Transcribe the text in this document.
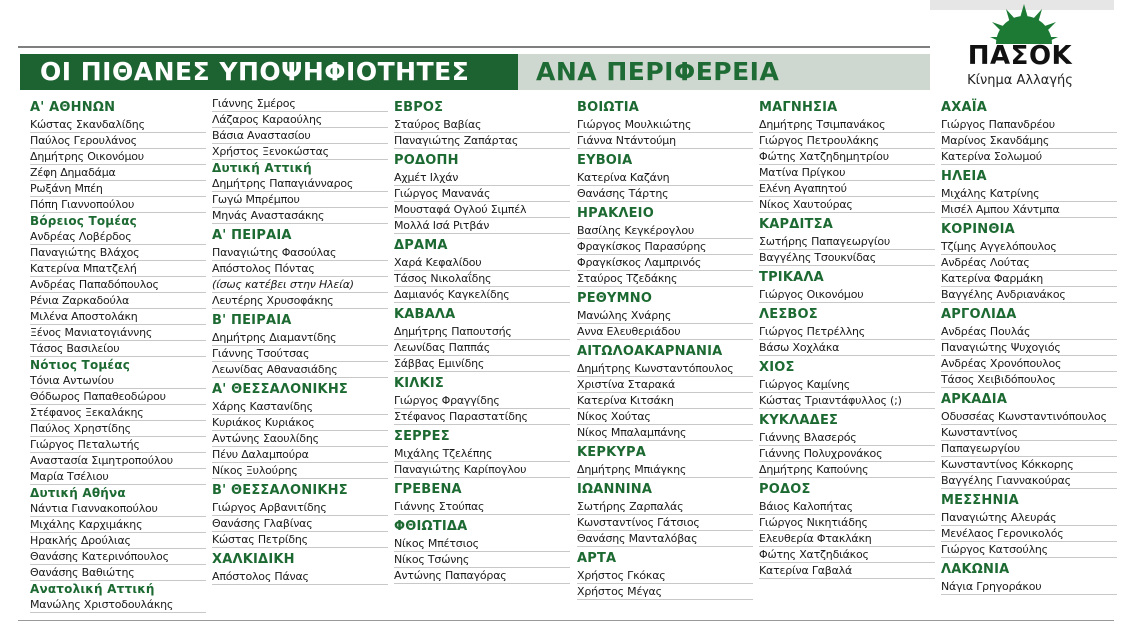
ΟΙ ΠΙΘΑΝΕΣ ΥΠΟΨΗΦΙΟΤΗΤΕΣ	ΑΝΑ ΠΕΡΙΦΕΡΕΙΑ
ΠΑΣΟΚ
Κίνημα Αλλαγής
Α' ΑΘΗΝΩΝ
Κώστας Σκανδαλίδης
Παύλος Γερουλάνος
Δημήτρης Οικονόμου
Ζέφη Δημαδάμα
Ρωξάνη Μπέη
Πόπη Γιαννοπούλου
Βόρειος Τομέας
Ανδρέας Λοβέρδος
Παναγιώτης Βλάχος
Κατερίνα Μπατζελή
Ανδρέας Παπαδόπουλος
Ρένια Ζαρκαδούλα
Μιλένα Αποστολάκη
Ξένος Μανιατογιάννης
Τάσος Βασιλείου
Νότιος Τομέας
Τόνια Αντωνίου
Θόδωρος Παπαθεοδώρου
Στέφανος Ξεκαλάκης
Παύλος Χρηστίδης
Γιώργος Πεταλωτής
Αναστασία Σιμητροπούλου
Μαρία Τσέλιου
Δυτική Αθήνα
Νάντια Γιαννακοπούλου
Μιχάλης Καρχιμάκης
Ηρακλής Δρούλιας
Θανάσης Κατερινόπουλος
Θανάσης Βαθιώτης
Ανατολική Αττική
Μανώλης Χριστοδουλάκης
Γιάννης Σμέρος
Λάζαρος Καραούλης
Βάσια Αναστασίου
Χρήστος Ξενοκώστας
Δυτική Αττική
Δημήτρης Παπαγιάνναρος
Γωγώ Μπρέμπου
Μηνάς Αναστασάκης
Α' ΠΕΙΡΑΙΑ
Παναγιώτης Φασούλας
Απόστολος Πόντας
(ίσως κατέβει στην Ηλεία)
Λευτέρης Χρυσοφάκης
Β' ΠΕΙΡΑΙΑ
Δημήτρης Διαμαντίδης
Γιάννης Τσούτσας
Λεωνίδας Αθανασιάδης
Α' ΘΕΣΣΑΛΟΝΙΚΗΣ
Χάρης Καστανίδης
Κυριάκος Κυριάκος
Αντώνης Σαουλίδης
Πένυ Δαλαμπούρα
Νίκος Ξυλούρης
Β' ΘΕΣΣΑΛΟΝΙΚΗΣ
Γιώργος Αρβανιτίδης
Θανάσης Γλαβίνας
Κώστας Πετρίδης
ΧΑΛΚΙΔΙΚΗ
Απόστολος Πάνας
ΕΒΡΟΣ
Σταύρος Βαβίας
Παναγιώτης Ζαπάρτας
ΡΟΔΟΠΗ
Αχμέτ Ιλχάν
Γιώργος Μανανάς
Μουσταφά Ογλού Σιμπέλ
Μολλά Ισά Ριτβάν
ΔΡΑΜΑ
Χαρά Κεφαλίδου
Τάσος Νικολαΐδης
Δαμιανός Καγκελίδης
ΚΑΒΑΛΑ
Δημήτρης Παπουτσής
Λεωνίδας Παππάς
Σάββας Εμινίδης
ΚΙΛΚΙΣ
Γιώργος Φραγγίδης
Στέφανος Παραστατίδης
ΣΕΡΡΕΣ
Μιχάλης Τζελέπης
Παναγιώτης Καρίπογλου
ΓΡΕΒΕΝΑ
Γιάννης Στούπας
ΦΘΙΩΤΙΔΑ
Νίκος Μπέτσιος
Νίκος Τσώνης
Αντώνης Παπαγόρας
ΒΟΙΩΤΙΑ
Γιώργος Μουλκιώτης
Γιάννα Ντάντούμη
ΕΥΒΟΙΑ
Κατερίνα Καζάνη
Θανάσης Τάρτης
ΗΡΑΚΛΕΙΟ
Βασίλης Κεγκέρογλου
Φραγκίσκος Παρασύρης
Φραγκίσκος Λαμπρινός
Σταύρος Τζεδάκης
ΡΕΘΥΜΝΟ
Μανώλης Χνάρης
Αννα Ελευθεριάδου
ΑΙΤΩΛΟΑΚΑΡΝΑΝΙΑ
Δημήτρης Κωνσταντόπουλος
Χριστίνα Σταρακά
Κατερίνα Κιτσάκη
Νίκος Χούτας
Νίκος Μπαλαμπάνης
ΚΕΡΚΥΡΑ
Δημήτρης Μπιάγκης
ΙΩΑΝΝΙΝΑ
Σωτήρης Ζαρπαλάς
Κωνσταντίνος Γάτσιος
Θανάσης Μανταλόβας
ΑΡΤΑ
Χρήστος Γκόκας
Χρήστος Μέγας
ΜΑΓΝΗΣΙΑ
Δημήτρης Τσιμπανάκος
Γιώργος Πετρουλάκης
Φώτης Χατζηδημητρίου
Ματίνα Πρίγκου
Ελένη Αγαπητού
Νίκος Χαυτούρας
ΚΑΡΔΙΤΣΑ
Σωτήρης Παπαγεωργίου
Βαγγέλης Τσουκνίδας
ΤΡΙΚΑΛΑ
Γιώργος Οικονόμου
ΛΕΣΒΟΣ
Γιώργος Πετρέλλης
Βάσω Χοχλάκα
ΧΙΟΣ
Γιώργος Καμίνης
Κώστας Τριαντάφυλλος (;)
ΚΥΚΛΑΔΕΣ
Γιάννης Βλασερός
Γιάννης Πολυχρονάκος
Δημήτρης Καπούνης
ΡΟΔΟΣ
Βάιος Καλοπήτας
Γιώργος Νικητιάδης
Ελευθερία Φτακλάκη
Φώτης Χατζηδιάκος
Κατερίνα Γαβαλά
ΑΧΑΪΑ
Γιώργος Παπανδρέου
Μαρίνος Σκανδάμης
Κατερίνα Σολωμού
ΗΛΕΙΑ
Μιχάλης Κατρίνης
Μισέλ Αμπου Χάντμπα
ΚΟΡΙΝΘΙΑ
Τζίμης Αγγελόπουλος
Ανδρέας Λούτας
Κατερίνα Φαρμάκη
Βαγγέλης Ανδριανάκος
ΑΡΓΟΛΙΔΑ
Ανδρέας Πουλάς
Παναγιώτης Ψυχογιός
Ανδρέας Χρονόπουλος
Τάσος Χειβιδόπουλος
ΑΡΚΑΔΙΑ
Οδυσσέας Κωνσταντινόπουλος
Κωνσταντίνος
Παπαγεωργίου
Κωνσταντίνος Κόκκορης
Βαγγέλης Γιαννακούρας
ΜΕΣΣΗΝΙΑ
Παναγιώτης Αλευράς
Μενέλαος Γερονικολός
Γιώργος Κατσούλης
ΛΑΚΩΝΙΑ
Νάγια Γρηγοράκου
